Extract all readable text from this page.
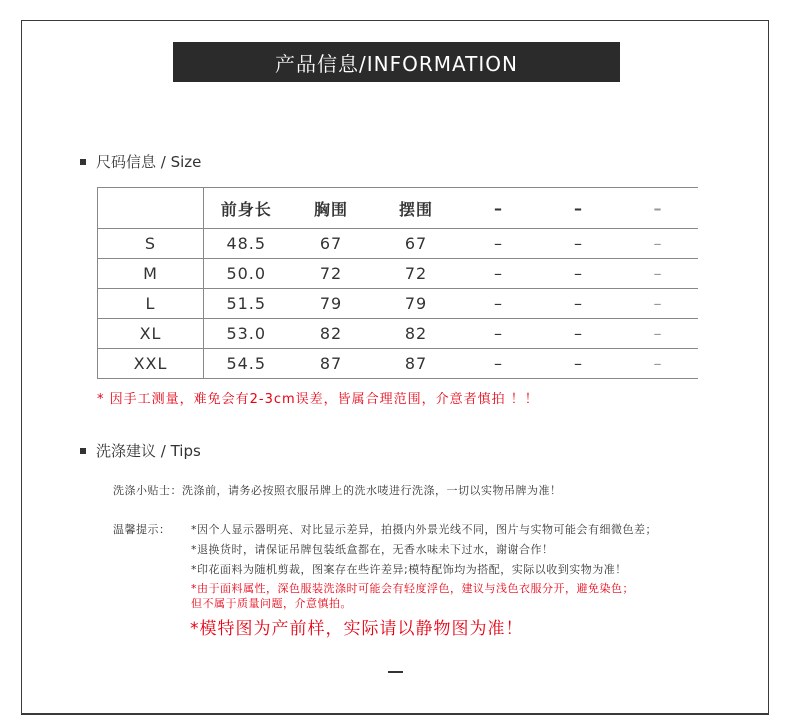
产品信息/INFORMATION
尺码信息 / Size
	前身长	胸围	摆围	–	–	–
S	48.5	67	67	–	–	–
M	50.0	72	72	–	–	–
L	51.5	79	79	–	–	–
XL	53.0	82	82	–	–	–
XXL	54.5	87	87	–	–	–
* 因手工测量，难免会有2-3cm误差，皆属合理范围，介意者慎拍 ！！
洗涤建议 / Tips
洗涤小贴士：洗涤前，请务必按照衣服吊牌上的洗水唛进行洗涤，一切以实物吊牌为准！
温馨提示： *因个人显示器明亮、对比显示差异，拍摄内外景光线不同，图片与实物可能会有细微色差；
*退换货时，请保证吊牌包装纸盒都在，无香水味未下过水，谢谢合作！
*印花面料为随机剪裁，图案存在些许差异;模特配饰均为搭配，实际以收到实物为准！
*由于面料属性，深色服装洗涤时可能会有轻度浮色，建议与浅色衣服分开，避免染色；
但不属于质量问题，介意慎拍。
*模特图为产前样，实际请以静物图为准！
